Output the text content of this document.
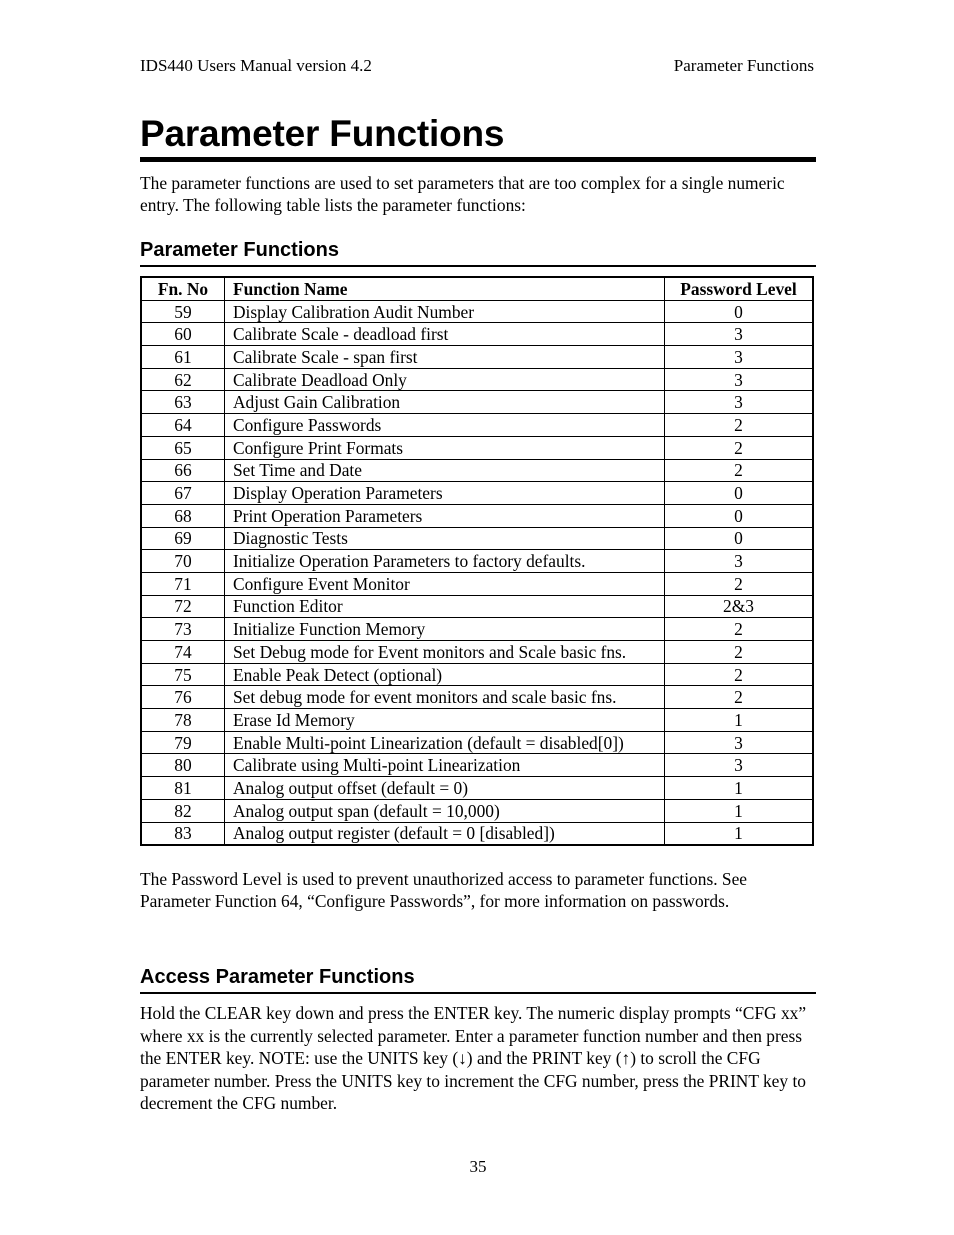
IDS440 Users Manual version 4.2	Parameter Functions
Parameter Functions

The parameter functions are used to set parameters that are too complex for a single numeric entry. The following table lists the parameter functions:

Parameter Functions
Fn. No	Function Name	Password Level
59	Display Calibration Audit Number	0
60	Calibrate Scale - deadload first	3
61	Calibrate Scale - span first	3
62	Calibrate Deadload Only	3
63	Adjust Gain Calibration	3
64	Configure Passwords	2
65	Configure Print Formats	2
66	Set Time and Date	2
67	Display Operation Parameters	0
68	Print Operation Parameters	0
69	Diagnostic Tests	0
70	Initialize Operation Parameters to factory defaults.	3
71	Configure Event Monitor	2
72	Function Editor	2&3
73	Initialize Function Memory	2
74	Set Debug mode for Event monitors and Scale basic fns.	2
75	Enable Peak Detect (optional)	2
76	Set debug mode for event monitors and scale basic fns.	2
78	Erase Id Memory	1
79	Enable Multi-point Linearization (default = disabled[0])	3
80	Calibrate using Multi-point Linearization	3
81	Analog output offset (default = 0)	1
82	Analog output span (default = 10,000)	1
83	Analog output register (default = 0 [disabled])	1

The Password Level is used to prevent unauthorized access to parameter functions. See Parameter Function 64, “Configure Passwords”, for more information on passwords.

Access Parameter Functions

Hold the CLEAR key down and press the ENTER key. The numeric display prompts “CFG xx” where xx is the currently selected parameter. Enter a parameter function number and then press the ENTER key. NOTE: use the UNITS key (↓) and the PRINT key (↑) to scroll the CFG parameter number. Press the UNITS key to increment the CFG number, press the PRINT key to decrement the CFG number.

35
